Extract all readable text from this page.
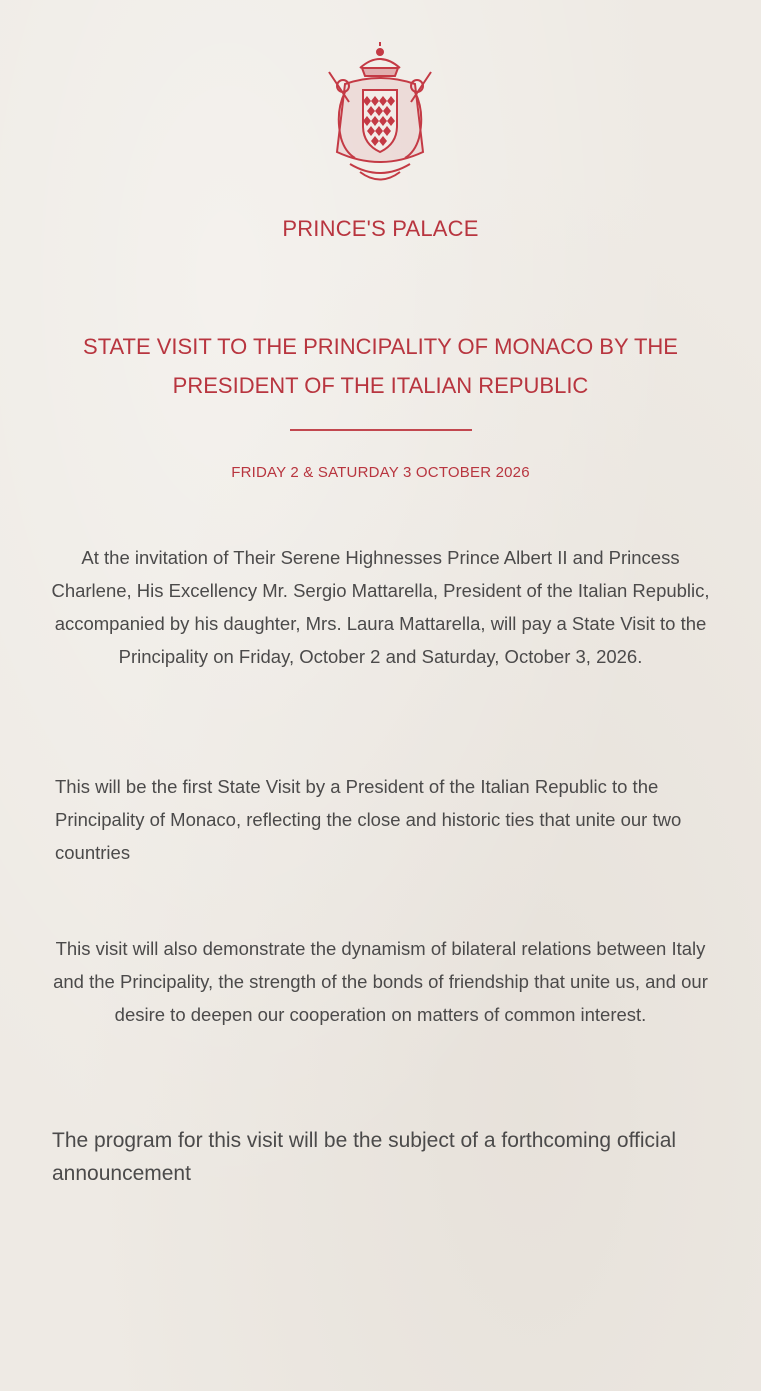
PRINCE'S PALACE
STATE VISIT TO THE PRINCIPALITY OF MONACO BY THE PRESIDENT OF THE ITALIAN REPUBLIC
FRIDAY 2 & SATURDAY 3 OCTOBER 2026
At the invitation of Their Serene Highnesses Prince Albert II and Princess Charlene, His Excellency Mr. Sergio Mattarella, President of the Italian Republic, accompanied by his daughter, Mrs. Laura Mattarella, will pay a State Visit to the Principality on Friday, October 2 and Saturday, October 3, 2026.
This will be the first State Visit by a President of the Italian Republic to the Principality of Monaco, reflecting the close and historic ties that unite our two countries
This visit will also demonstrate the dynamism of bilateral relations between Italy and the Principality, the strength of the bonds of friendship that unite us, and our desire to deepen our cooperation on matters of common interest.
The program for this visit will be the subject of a forthcoming official announcement
